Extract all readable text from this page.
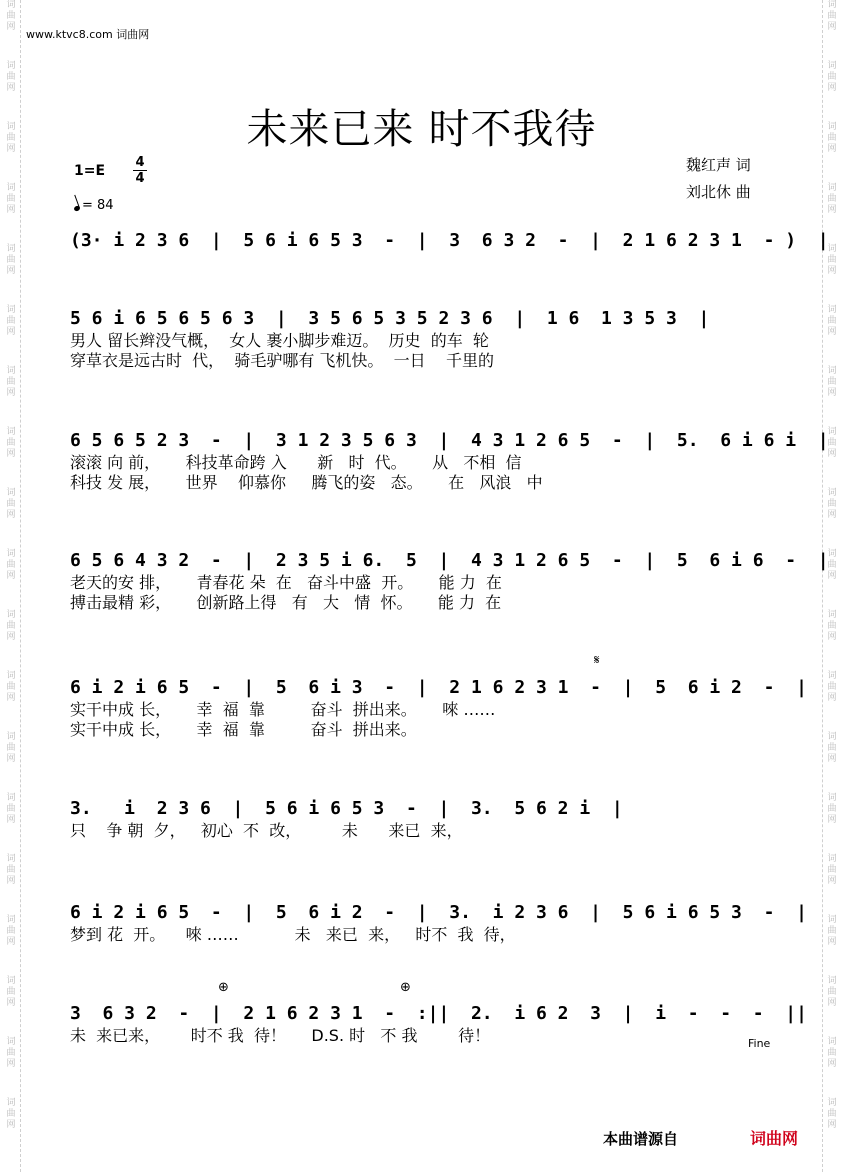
词
曲
网
词
曲
网
词
曲
网
词
曲
网
词
曲
网
词
曲
网
词
曲
网
词
曲
网
词
曲
网
词
曲
网
词
曲
网
词
曲
网
词
曲
网
词
曲
网
词
曲
网
词
曲
网
词
曲
网
词
曲
网
词
曲
网
词
曲
网
词
曲
网
词
曲
网
词
曲
网
词
曲
网
词
曲
网
词
曲
网
词
曲
网
词
曲
网
词
曲
网
词
曲
网
词
曲
网
词
曲
网
词
曲
网
词
曲
网
词
曲
网
词
曲
网
词
曲
网
词
曲
网
www.ktvc8.com 词曲网
未来已来 时不我待
$1=E \frac{4}{4}$
= 84
魏红声 词
刘北休 曲
(3· i 2 3 6  |  5 6 i 6 5 3  -  |  3  6 3 2  -  |  2 1 6 2 3 1  - )  |
5 6 i 6 5 6 5 6 3  |  3 5 6 5 3 5 2 3 6  |  1 6  1 3 5 3  |
男人 留长辫没气概，  女人 裹小脚步难迈。  历史  的车  轮
穿草衣是远古时  代，  骑毛驴哪有 飞机快。  一日    千里的
6 5 6 5 2 3  -  |  3 1 2 3 5 6 3  |  4 3 1 2 6 5  -  |  5.  6 i 6 i  |
滚滚 向 前，     科技革命跨 入      新   时  代。     从   不相  信
科技 发 展，     世界    仰慕你     腾飞的姿   态。     在   风浪   中
6 5 6 4 3 2  -  |  2 3 5 i 6.  5  |  4 3 1 2 6 5  -  |  5  6 i 6  -  |
老天的安 排，     青春花 朵  在   奋斗中盛  开。     能 力  在
搏击最精 彩，     创新路上得   有   大   情  怀。     能 力  在
𝄋
6 i 2 i 6 5  -  |  5  6 i 3  -  |  2 1 6 2 3 1  -  |  5  6 i 2  -  |
实干中成 长，     幸  福  靠         奋斗  拼出来。     唻 ……
实干中成 长，     幸  福  靠         奋斗  拼出来。
3.   i  2 3 6  |  5 6 i 6 5 3  -  |  3.  5 6 2 i  |
只    争 朝  夕，   初心  不  改，        未      来已  来，
6 i 2 i 6 5  -  |  5  6 i 2  -  |  3.  i 2 3 6  |  5 6 i 6 5 3  -  |
梦到 花  开。    唻 ……           未   来已  来，   时不  我  待，
⊕	⊕
3  6 3 2  -  |  2 1 6 2 3 1  -  :||  2.  i 6 2  3  |  i  -  -  -  ||
未  来已来，      时不 我  待！     D.S. 时   不 我        待！	Fine
本曲谱源自	词曲网
